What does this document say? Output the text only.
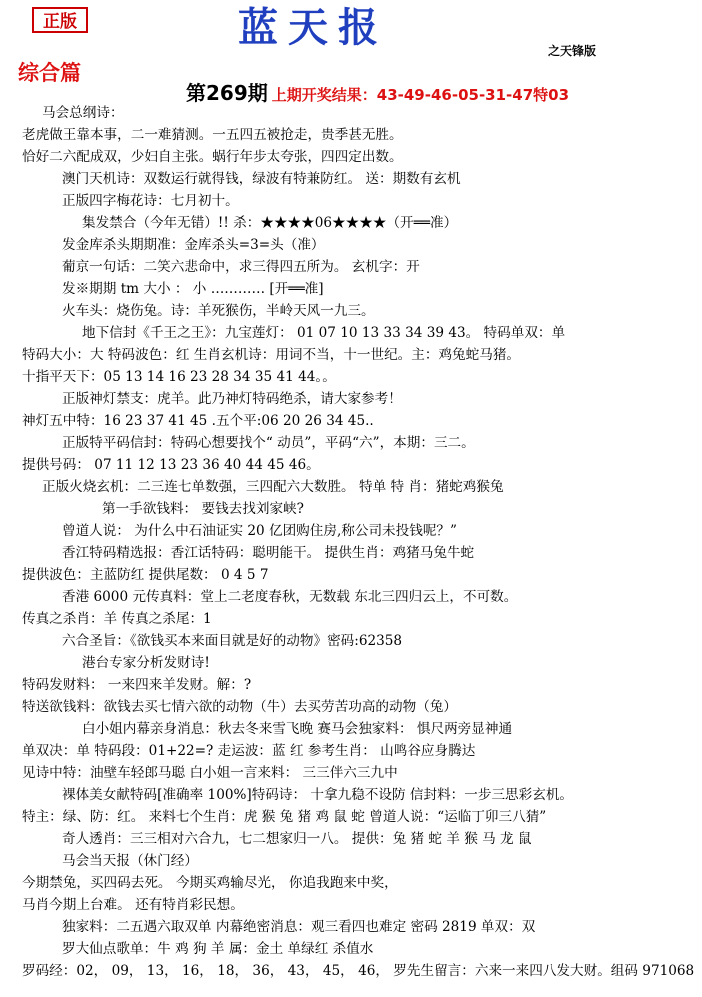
正版	蓝天报	之天锋版
综合篇
第269期 上期开奖结果：43-49-46-05-31-47特03
马会总纲诗：
老虎做王靠本事，二一难猜测。一五四五被抢走，贵季甚无胜。
恰好二六配成双，少妇自主张。蜗行年步太夸张，四四定出数。
澳门天机诗：双数运行就得钱，绿波有特兼防红。 送：期数有玄机
正版四字梅花诗：七月初十。
集发禁合（今年无错）!! 杀：★★★★06★★★★（开══准）
发金库杀头期期准：金库杀头=3=头（准）
葡京一句话：二笑六悲命中，求三得四五所为。 玄机字：开
发※期期 tm 大小 ： 小 ………… [开══准]
火车头：烧伤兔。诗：羊死猴伤，半岭天风一九三。
地下信封《千王之王》：九宝莲灯： 01 07 10 13 33 34 39 43。 特码单双：单
特码大小：大 特码波色：红 生肖玄机诗：用词不当，十一世纪。主：鸡兔蛇马猪。
十指平天下：05 13 14 16 23 28 34 35 41 44。。
正版神灯禁支：虎羊。此乃神灯特码绝杀，请大家参考！
神灯五中特：16 23 37 41 45 .五个平:06 20 26 34 45..
正版特平码信封：特码心想要找个“ 动员”，平码“六”，本期：三二。
提供号码： 07 11 12 13 23 36 40 44 45 46。
正版火烧玄机：二三连七单数强，三四配六大数胜。 特单 特 肖：猪蛇鸡猴兔
第一手欲钱料： 要钱去找刘家峡?
曾道人说： 为什么中石油证实 20 亿团购住房,称公司未投钱呢？”
香江特码精选报：香江话特码：聪明能干。 提供生肖：鸡猪马兔牛蛇
提供波色：主蓝防红 提供尾数： 0 4 5 7
香港 6000 元传真料：堂上二老度春秋，无数载 东北三四归云上，不可数。
传真之杀肖：羊 传真之杀尾：1
六合圣旨：《欲钱买本来面目就是好的动物》密码:62358
港台专家分析发财诗!
特码发财料： 一来四来羊发财。解：?
特送欲钱料：欲钱去买七情六欲的动物（牛）去买劳苦功高的动物（兔）
白小姐内幕亲身消息：秋去冬来雪飞晚 赛马会独家料： 惧尺两旁显神通
单双决：单 特码段：01+22=? 走运波：蓝 红 参考生肖： 山鸣谷应身腾达
见诗中特：油壁车轻郎马聪 白小姐一言来料： 三三伴六三九中
裸体美女献特码[准确率 100%]特码诗： 十拿九稳不设防 信封料：一步三思彩玄机。
特主：绿、防：红。 来料七个生肖：虎 猴 兔 猪 鸡 鼠 蛇 曾道人说：“运临丁卯三八猜”
奇人透肖：三三相对六合九，七二想家归一八。 提供：兔 猪 蛇 羊 猴 马 龙 鼠
马会当天报（休门经）
今期禁兔，买四码去死。 今期买鸡输尽光， 你追我跑来中奖，
马肖今期上台难。 还有特肖彩民想。
独家料：二五遇六取双单 内幕绝密消息：观三看四也难定 密码 2819 单双：双
罗大仙点歌单：牛 鸡 狗 羊 属：金土 单绿红 杀值水
罗码经：02， 09， 13， 16， 18， 36， 43， 45， 46， 罗先生留言：六来一来四八发大财。组码 971068
